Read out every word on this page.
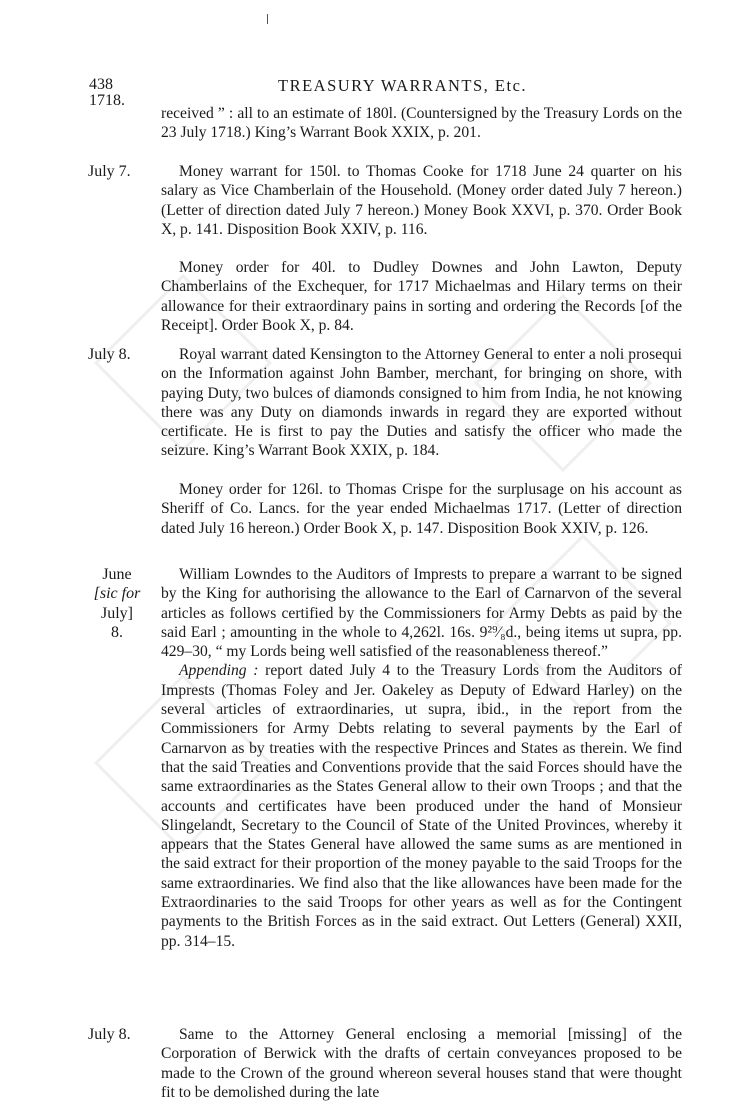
438	TREASURY WARRANTS, Etc.
1718.

received ” : all to an estimate of 180l. (Countersigned by the Treasury Lords on the 23 July 1718.) King’s Warrant Book XXIX, p. 201.

July 7.	Money warrant for 150l. to Thomas Cooke for 1718 June 24 quarter on his salary as Vice Chamberlain of the Household. (Money order dated July 7 hereon.) (Letter of direction dated July 7 hereon.) Money Book XXVI, p. 370. Order Book X, p. 141. Disposition Book XXIV, p. 116.

Money order for 40l. to Dudley Downes and John Lawton, Deputy Chamberlains of the Exchequer, for 1717 Michaelmas and Hilary terms on their allowance for their extraordinary pains in sorting and ordering the Records [of the Receipt]. Order Book X, p. 84.

July 8.	Royal warrant dated Kensington to the Attorney General to enter a noli prosequi on the Information against John Bamber, merchant, for bringing on shore, with paying Duty, two bulces of diamonds consigned to him from India, he not knowing there was any Duty on diamonds inwards in regard they are exported without certificate. He is first to pay the Duties and satisfy the officer who made the seizure. King’s Warrant Book XXIX, p. 184.

Money order for 126l. to Thomas Crispe for the surplusage on his account as Sheriff of Co. Lancs. for the year ended Michaelmas 1717. (Letter of direction dated July 16 hereon.) Order Book X, p. 147. Disposition Book XXIV, p. 126.

June
[sic for
July]
8.

William Lowndes to the Auditors of Imprests to prepare a warrant to be signed by the King for authorising the allowance to the Earl of Carnarvon of the several articles as follows certified by the Commissioners for Army Debts as paid by the said Earl ; amounting in the whole to 4,262l. 16s. 9²⁹⁄₈d., being items ut supra, pp. 429–30, “ my Lords being well satisfied of the reasonableness thereof.”

Appending : report dated July 4 to the Treasury Lords from the Auditors of Imprests (Thomas Foley and Jer. Oakeley as Deputy of Edward Harley) on the several articles of extraordinaries, ut supra, ibid., in the report from the Commissioners for Army Debts relating to several payments by the Earl of Carnarvon as by treaties with the respective Princes and States as therein. We find that the said Treaties and Conventions provide that the said Forces should have the same extraordinaries as the States General allow to their own Troops ; and that the accounts and certificates have been produced under the hand of Monsieur Slingelandt, Secretary to the Council of State of the United Provinces, whereby it appears that the States General have allowed the same sums as are mentioned in the said extract for their proportion of the money payable to the said Troops for the same extraordinaries. We find also that the like allowances have been made for the Extraordinaries to the said Troops for other years as well as for the Contingent payments to the British Forces as in the said extract. Out Letters (General) XXII, pp. 314–15.

July 8.	Same to the Attorney General enclosing a memorial [missing] of the Corporation of Berwick with the drafts of certain conveyances proposed to be made to the Crown of the ground whereon several houses stand that were thought fit to be demolished during the late
